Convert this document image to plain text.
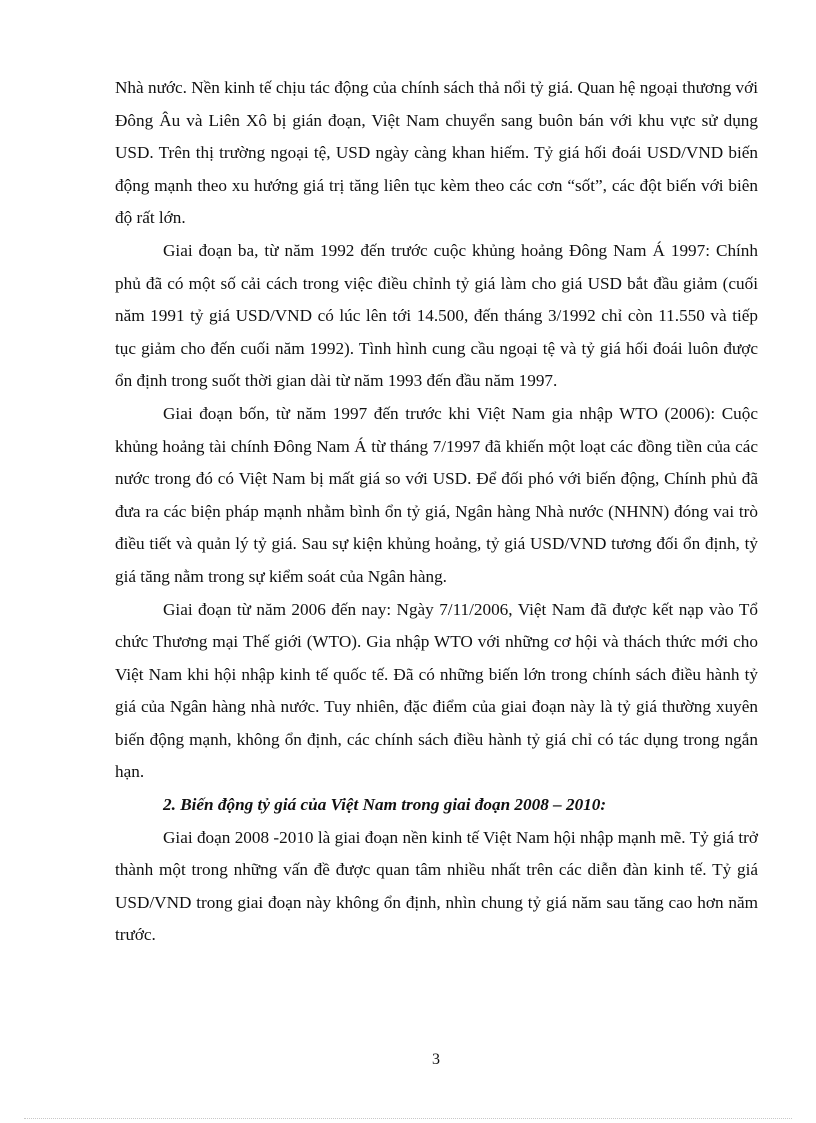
Nhà nước. Nền kinh tế chịu tác động của chính sách thả nổi tỷ giá. Quan hệ ngoại thương với Đông Âu và Liên Xô bị gián đoạn, Việt Nam chuyển sang buôn bán với khu vực sử dụng USD. Trên thị trường ngoại tệ, USD ngày càng khan hiếm. Tỷ giá hối đoái USD/VND biến động mạnh theo xu hướng giá trị tăng liên tục kèm theo các cơn “sốt”, các đột biến với biên độ rất lớn.

Giai đoạn ba, từ năm 1992 đến trước cuộc khủng hoảng Đông Nam Á 1997: Chính phủ đã có một số cải cách trong việc điều chỉnh tỷ giá làm cho giá USD bắt đầu giảm (cuối năm 1991 tỷ giá USD/VND có lúc lên tới 14.500, đến tháng 3/1992 chỉ còn 11.550 và tiếp tục giảm cho đến cuối năm 1992). Tình hình cung cầu ngoại tệ và tỷ giá hối đoái luôn được ổn định trong suốt thời gian dài từ năm 1993 đến đầu năm 1997.

Giai đoạn bốn, từ năm 1997 đến trước khi Việt Nam gia nhập WTO (2006): Cuộc khủng hoảng tài chính Đông Nam Á từ tháng 7/1997 đã khiến một loạt các đồng tiền của các nước trong đó có Việt Nam bị mất giá so với USD. Để đối phó với biến động, Chính phủ đã đưa ra các biện pháp mạnh nhằm bình ổn tỷ giá, Ngân hàng Nhà nước (NHNN) đóng vai trò điều tiết và quản lý tỷ giá. Sau sự kiện khủng hoảng, tỷ giá USD/VND tương đối ổn định, tỷ giá tăng nằm trong sự kiểm soát của Ngân hàng.

Giai đoạn từ năm 2006 đến nay: Ngày 7/11/2006, Việt Nam đã được kết nạp vào Tổ chức Thương mại Thế giới (WTO). Gia nhập WTO với những cơ hội và thách thức mới cho Việt Nam khi hội nhập kinh tế quốc tế. Đã có những biến lớn trong chính sách điều hành tỷ giá của Ngân hàng nhà nước. Tuy nhiên, đặc điểm của giai đoạn này là tỷ giá thường xuyên biến động mạnh, không ổn định, các chính sách điều hành tỷ giá chỉ có tác dụng trong ngắn hạn.

2. Biến động tỷ giá của Việt Nam trong giai đoạn 2008 – 2010:

Giai đoạn 2008 -2010 là giai đoạn nền kinh tế Việt Nam hội nhập mạnh mẽ. Tỷ giá trở thành một trong những vấn đề được quan tâm nhiều nhất trên các diễn đàn kinh tế. Tỷ giá USD/VND trong giai đoạn này không ổn định, nhìn chung tỷ giá năm sau tăng cao hơn năm trước.

3
